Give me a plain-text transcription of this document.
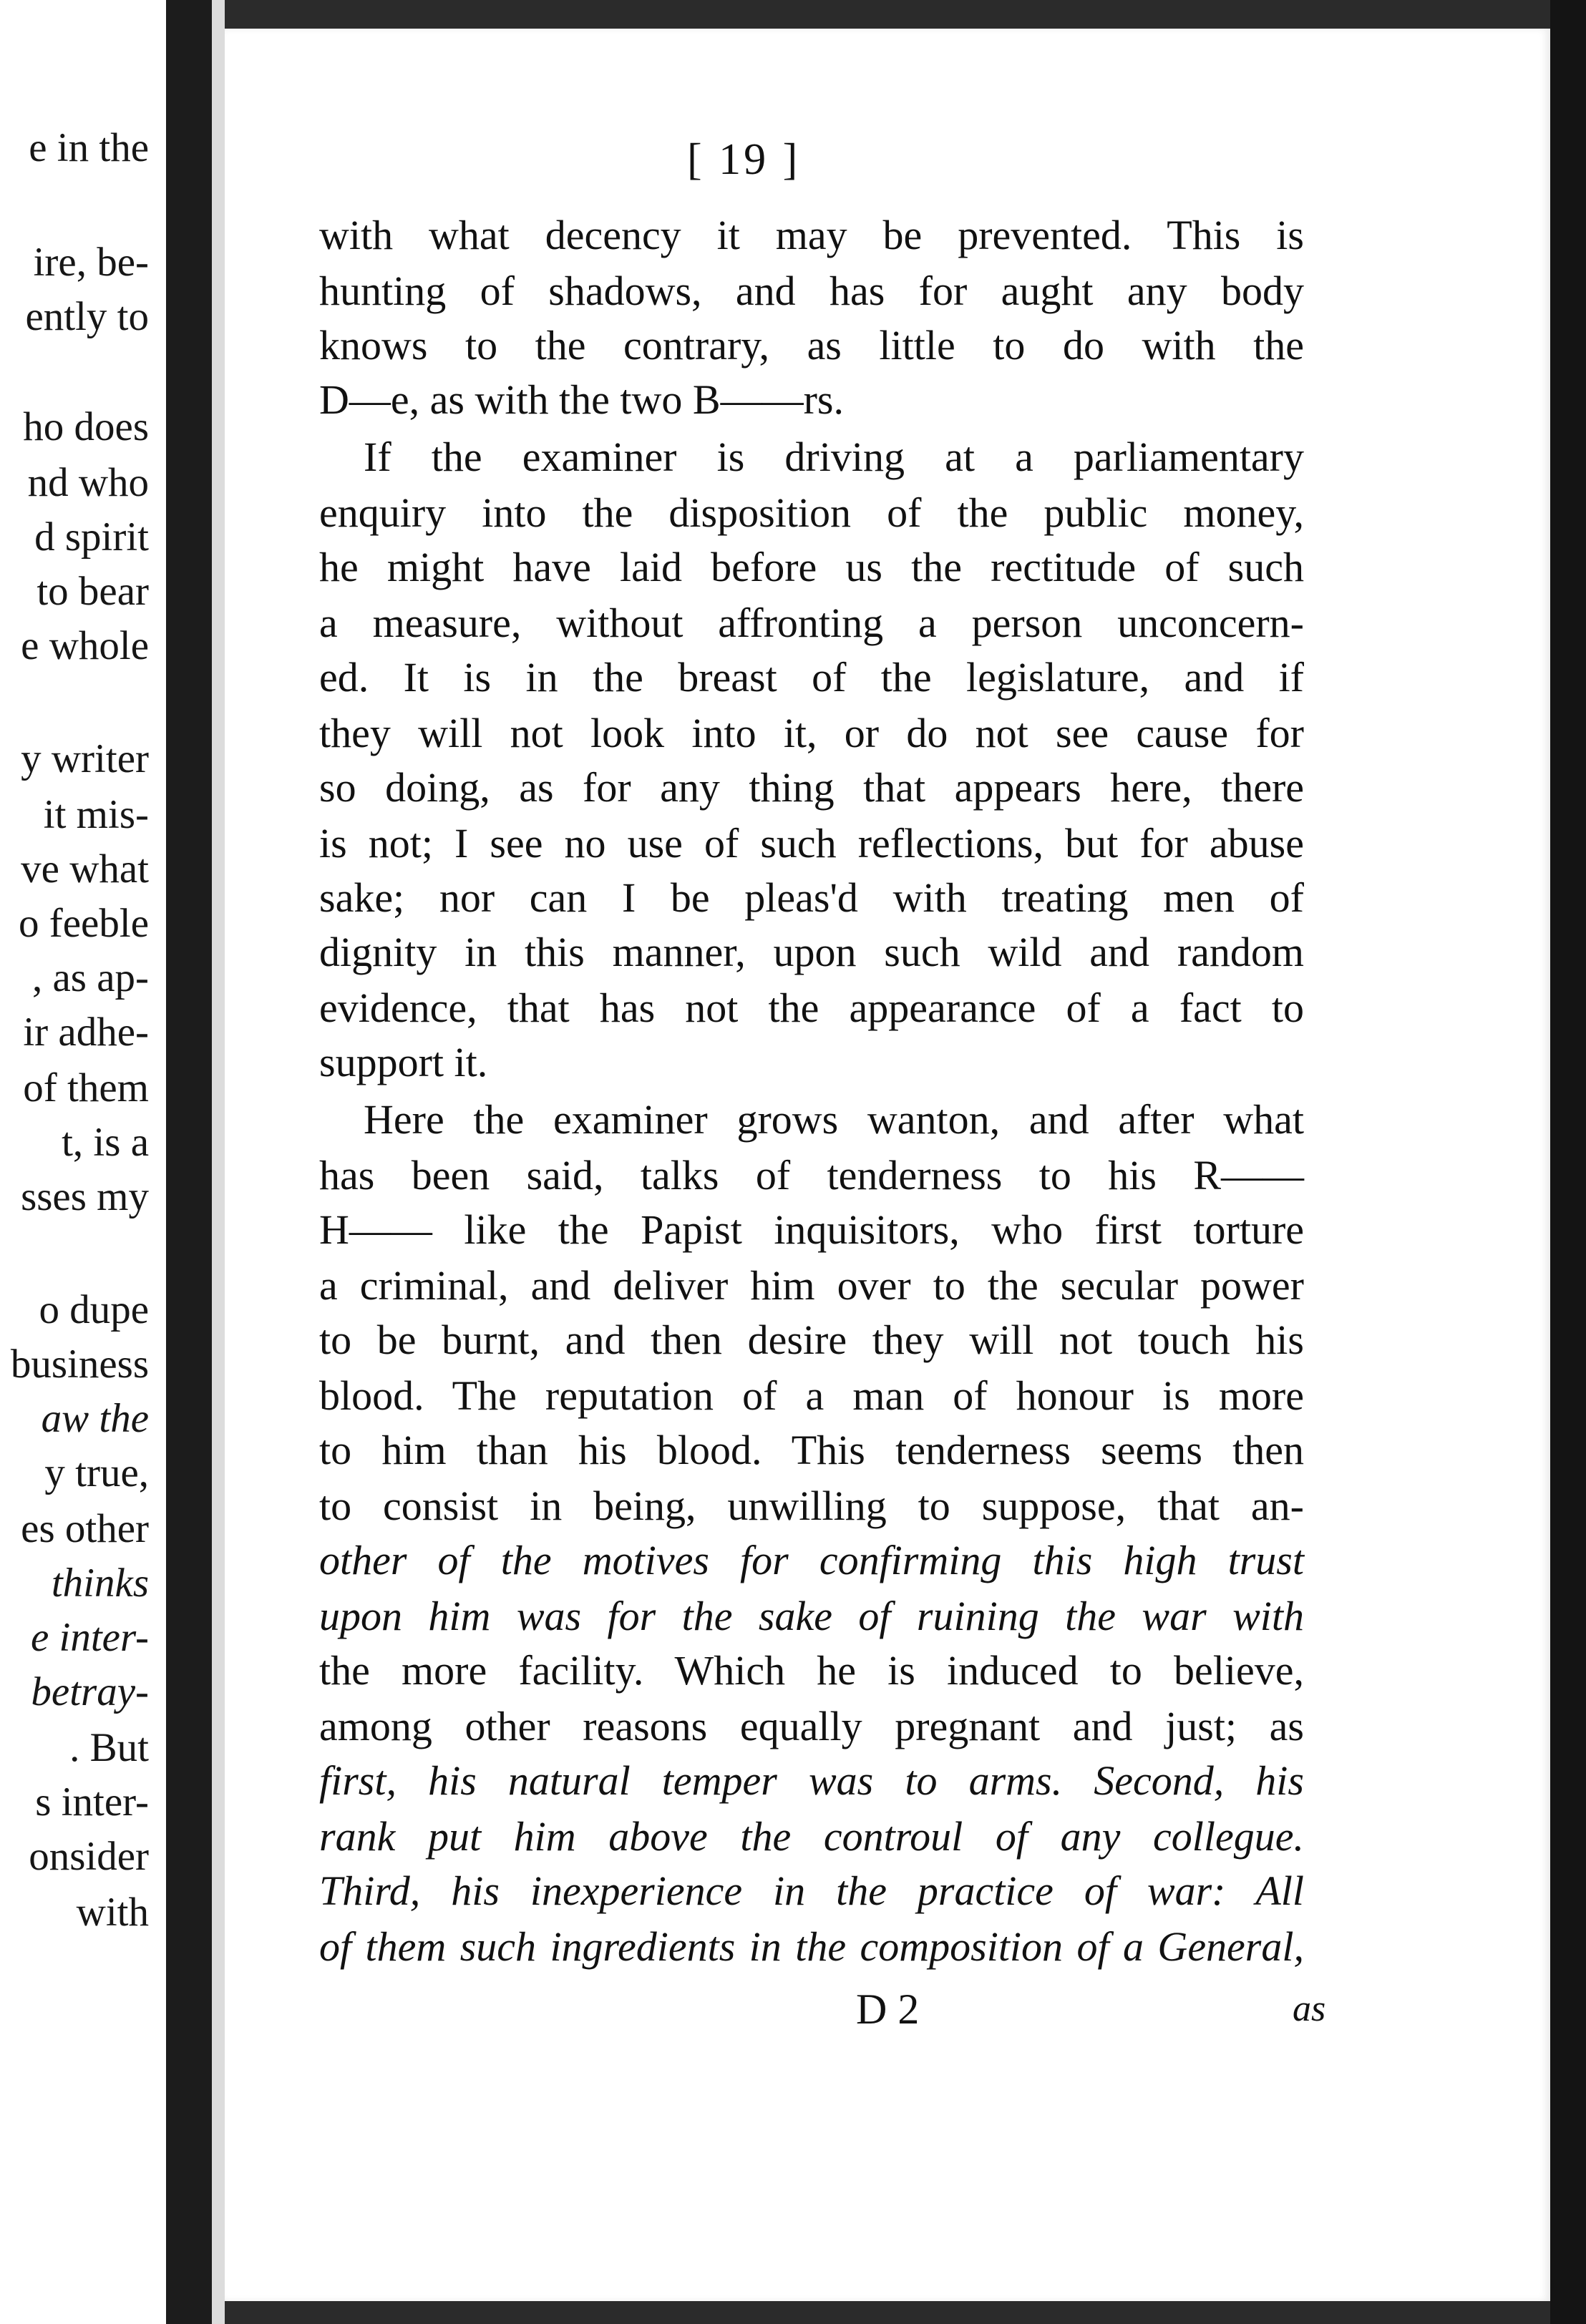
e in the
ire, be-
ently to
ho does
nd who
d spirit
to bear
e whole
y writer
it mis-
ve what
o feeble
, as ap-
ir adhe-
of them
t, is a
sses my
o dupe
business
aw the
y true,
es other
thinks
e inter-
betray-
. But
s inter-
onsider
with
[ 19 ]
with what decency it may be prevented. This is
hunting of shadows, and has for aught any body
knows to the contrary, as little to do with the
D—e, as with the two B——rs.
If the examiner is driving at a parliamentary
enquiry into the disposition of the public money,
he might have laid before us the rectitude of such
a measure, without affronting a person unconcern-
ed. It is in the breast of the legislature, and if
they will not look into it, or do not see cause for
so doing, as for any thing that appears here, there
is not; I see no use of such reflections, but for abuse
sake; nor can I be pleas'd with treating men of
dignity in this manner, upon such wild and random
evidence, that has not the appearance of a fact to
support it.
Here the examiner grows wanton, and after what
has been said, talks of tenderness to his R——
H—— like the Papist inquisitors, who first torture
a criminal, and deliver him over to the secular power
to be burnt, and then desire they will not touch his
blood. The reputation of a man of honour is more
to him than his blood. This tenderness seems then
to consist in being, unwilling to suppose, that an-
other of the motives for confirming this high trust
upon him was for the sake of ruining the war with
the more facility. Which he is induced to believe,
among other reasons equally pregnant and just; as
first, his natural temper was to arms. Second, his
rank put him above the controul of any collegue.
Third, his inexperience in the practice of war: All
of them such ingredients in the composition of a General,
D 2	as
